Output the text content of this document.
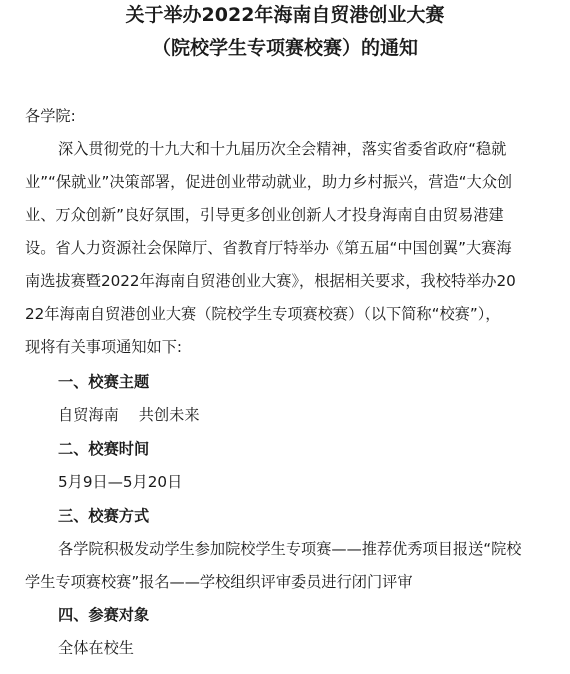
关于举办2022年海南自贸港创业大赛
（院校学生专项赛校赛）的通知
各学院:
深入贯彻党的十九大和十九届历次全会精神，落实省委省政府“稳就
业”“保就业”决策部署，促进创业带动就业，助力乡村振兴，营造“大众创
业、万众创新”良好氛围，引导更多创业创新人才投身海南自由贸易港建
设。省人力资源社会保障厅、省教育厅特举办《第五届“中国创翼”大赛海
南选拔赛暨2022年海南自贸港创业大赛》，根据相关要求，我校特举办20
22年海南自贸港创业大赛（院校学生专项赛校赛）（以下简称“校赛”），
现将有关事项通知如下:
一、校赛主题
自贸海南　 共创未来
二、校赛时间
5月9日—5月20日
三、校赛方式
各学院积极发动学生参加院校学生专项赛——推荐优秀项目报送“院校
学生专项赛校赛”报名——学校组织评审委员进行闭门评审
四、参赛对象
全体在校生
